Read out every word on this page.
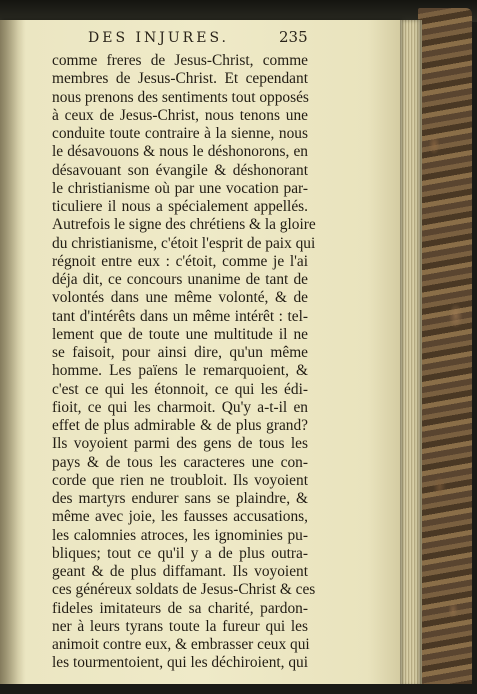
DES INJURES.	235
comme freres de Jesus-Christ, comme
membres de Jesus-Christ. Et cependant
nous prenons des sentiments tout opposés
à ceux de Jesus-Christ, nous tenons une
conduite toute contraire à la sienne, nous
le désavouons & nous le déshonorons, en
désavouant son évangile & déshonorant
le christianisme où par une vocation par-
ticuliere il nous a spécialement appellés.
Autrefois le signe des chrétiens & la gloire
du christianisme, c'étoit l'esprit de paix qui
régnoit entre eux : c'étoit, comme je l'ai
déja dit, ce concours unanime de tant de
volontés dans une même volonté, & de
tant d'intérêts dans un même intérêt : tel-
lement que de toute une multitude il ne
se faisoit, pour ainsi dire, qu'un même
homme. Les païens le remarquoient, &
c'est ce qui les étonnoit, ce qui les édi-
fioit, ce qui les charmoit. Qu'y a-t-il en
effet de plus admirable & de plus grand?
Ils voyoient parmi des gens de tous les
pays & de tous les caracteres une con-
corde que rien ne troubloit. Ils voyoient
des martyrs endurer sans se plaindre, &
même avec joie, les fausses accusations,
les calomnies atroces, les ignominies pu-
bliques; tout ce qu'il y a de plus outra-
geant & de plus diffamant. Ils voyoient
ces généreux soldats de Jesus-Christ & ces
fideles imitateurs de sa charité, pardon-
ner à leurs tyrans toute la fureur qui les
animoit contre eux, & embrasser ceux qui
les tourmentoient, qui les déchiroient, qui
